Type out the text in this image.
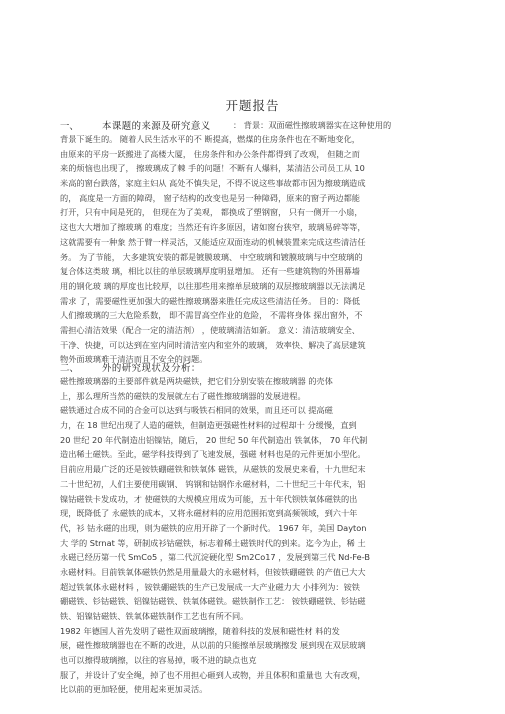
开题报告
一、 本课题的来源及研究意义	： 背景：双面磁性擦玻璃器实在这种使用的
背景下诞生的。 随着人民生活水平的不 断提高，燃煤的住房条件也在不断地变化，
由原来的平房一跃搬进了高楼大厦， 住房条件和办公条件都得到了改观， 但随之而
来的烦恼也出现了， 擦玻璃成了棘 手的问题！不断有人爆料，某清洁公司员工从 10
米高的窗台跌落，家庭主妇从 高处不慎失足，不得不说这些事故都市因为擦玻璃造成
的， 高度是一方面的障碍， 窗子结构的改变也是另一种障碍，原来的窗子两边都能
打开，只有中间是死的， 但现在为了美观， 都换成了塑钢窗， 只有一侧开一小扇，
这也大大增加了擦玻璃 的难度；当然还有许多原因，诸如窗台狭窄，玻璃易碎等等，
这就需要有一种象 然于臂一样灵活，又能适应双面连动的机械装置来完成这些清洁任
务。 为了节能， 大多建筑安装的都是镀膜玻璃、 中空玻璃和镀膜玻璃与中空玻璃的
复合体这类玻 璃，相比以往的单层玻璃厚度明显增加。 还有一些建筑物的外围幕墙
用的钢化玻 璃的厚度也比较厚，以往那些用来擦单层玻璃的双层擦玻璃器以无法满足
需求 了，需要磁性更加强大的磁性擦玻璃器来胜任完成这些清洁任务。 目的：降低
人们擦玻璃的三大危险系数， 即不需冒高空作业的危险， 不需将身体 探出窗外，不
需担心清洁效果（配合一定的清洁剂） ，使玻璃清洁如新。 意义：清洁玻璃安全、
干净、快捷，可以达到在室内同时清洁室内和室外的玻璃， 效率快、解决了高层建筑
物外面玻璃难于清洁而且不安全的问题。
二、 外的研究现状及分析：
磁性擦玻璃器的主要部件就是两块磁铁，把它们分别安装在擦玻璃器 的壳体
上，那么理所当然的磁铁的发展就左右了磁性擦玻璃器的发展进程。
磁铁通过合成不同的合金可以达到与吸铁石相同的效果，而且还可以 提高磁
力，在 18 世纪出现了人造的磁铁，但制造更强磁性材料的过程却十 分缓慢，直到
20 世纪 20 年代制造出铝镍钴，随后， 20 世纪 50 年代制造出 铁氧体， 70 年代制
造出稀土磁铁。至此，磁学科技得到了飞速发展，强磁 材料也是的元件更加小型化。
目前应用最广泛的还是铵铁硼磁铁和铁氧体 磁铁，从磁铁的发展史来看，十九世纪末
二十世纪初，人们主要使用碳钢、 钨钢和钴钢作永磁材料，二十世纪三十年代末，铝
镍钴磁铁卡发成功，才 使磁铁的大规模应用成为可能，五十年代钡铁氧体磁铁的出
现，既降低了 永磁铁的成本，又将永磁材料的应用范围拓宽到高频领域，到六十年
代，衫 钴永磁的出现，则为磁铁的应用开辟了一个新时代。 1967 年，美国 Dayton
大 学的 Strnat 等，研制成衫钴磁铁，标志着稀土磁铁时代的到来。迄今为止，稀 土
永磁已经历第一代 SmCo5 ，第二代沉淀硬化型 Sm2Co17 ，发展到第三代 Nd-Fe-B
永磁材料。目前铁氧体磁铁仍然是用量最大的永磁材料，但铵铁硼磁铁 的产值已大大
超过铁氧体永磁材料 ，铵铁硼磁铁的生产已发展成一大产业磁力大 小排列为：铵铁
硼磁铁、钐钴磁铁、铝镍钴磁铁、铁氧体磁铁。磁铁制作工艺： 铵铁硼磁铁、钐钴磁
铁、铝镍钴磁铁、铁氧体磁铁制作工艺也有所不同。
1982 年德国人首先发明了磁性双面玻璃擦，随着科技的发展和磁性材 料的发
展，磁性擦玻璃器也在不断的改进，从以前的只能擦单层玻璃擦发 展到现在双层玻璃
也可以擦得玻璃擦，以往的容易掉，吸不进的缺点也克
服了，并设计了安全绳，掉了也不用担心砸到人或物，并且体积和重量也 大有改观，
比以前的更加轻便，使用起来更加灵活。
